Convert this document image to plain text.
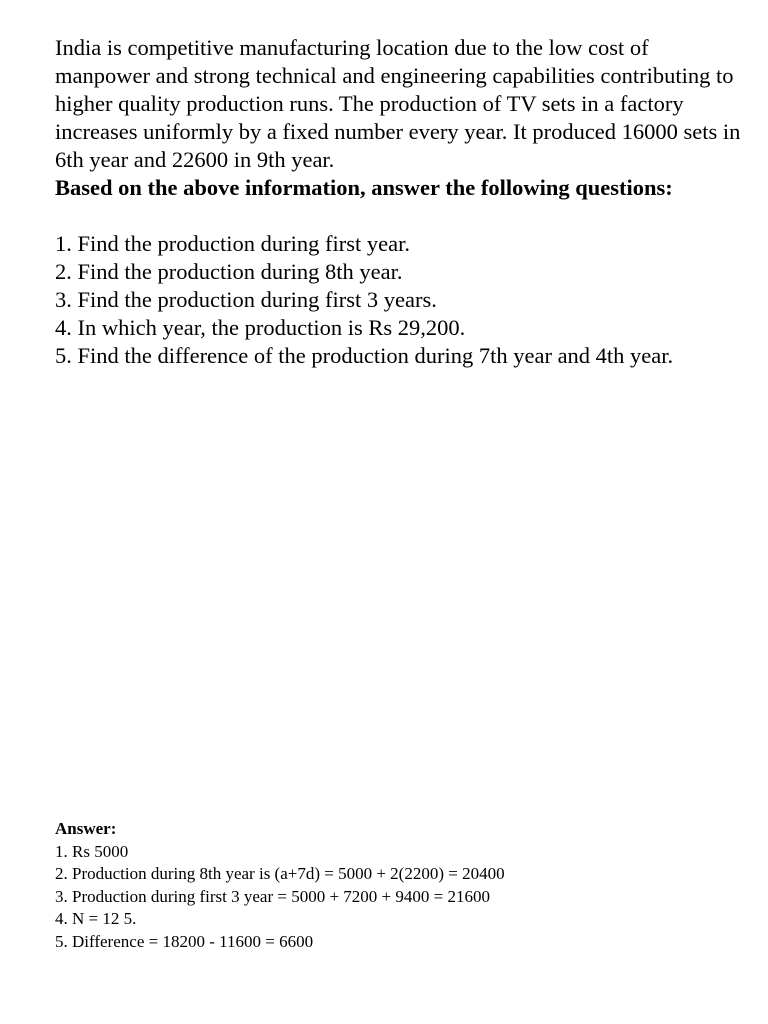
India is competitive manufacturing location due to the low cost of manpower and strong technical and engineering capabilities contributing to higher quality production runs. The production of TV sets in a factory increases uniformly by a fixed number every year. It produced 16000 sets in 6th year and 22600 in 9th year.

Based on the above information, answer the following questions:

1. Find the production during first year.
2. Find the production during 8th year.
3. Find the production during first 3 years.
4. In which year, the production is Rs 29,200.
5. Find the difference of the production during 7th year and 4th year.

Answer:

1. Rs 5000
2. Production during 8th year is (a+7d) = 5000 + 2(2200) = 20400
3. Production during first 3 year = 5000 + 7200 + 9400 = 21600
4. N = 12 5.
5. Difference = 18200 - 11600 = 6600
